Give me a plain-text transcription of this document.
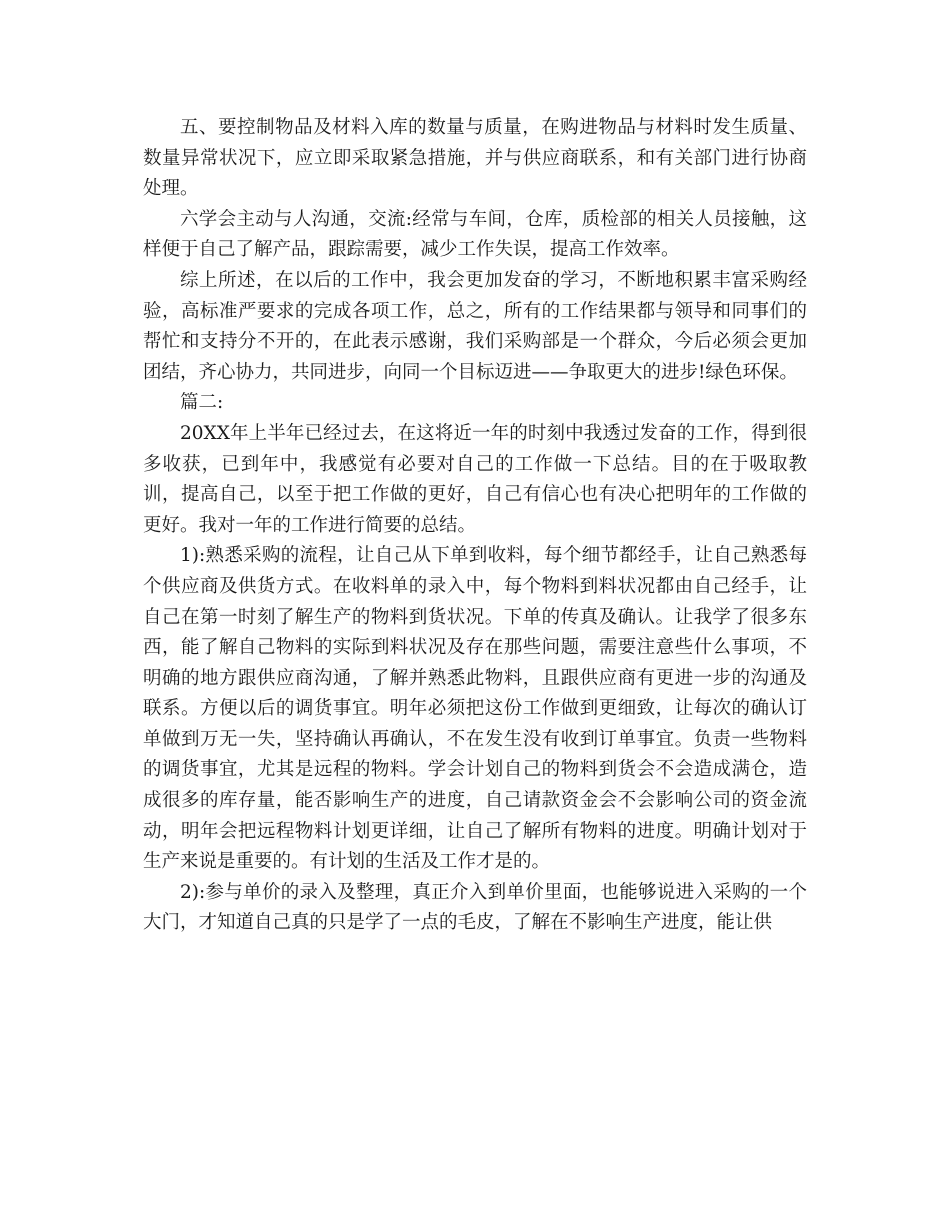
五、要控制物品及材料入库的数量与质量，在购进物品与材料时发生质量、数量异常状况下，应立即采取紧急措施，并与供应商联系，和有关部门进行协商处理。

六学会主动与人沟通，交流:经常与车间，仓库，质检部的相关人员接触，这样便于自己了解产品，跟踪需要，减少工作失误，提高工作效率。

综上所述，在以后的工作中，我会更加发奋的学习，不断地积累丰富采购经验，高标准严要求的完成各项工作，总之，所有的工作结果都与领导和同事们的帮忙和支持分不开的，在此表示感谢，我们采购部是一个群众，今后必须会更加团结，齐心协力，共同进步，向同一个目标迈进——争取更大的进步!绿色环保。

篇二:

20XX年上半年已经过去，在这将近一年的时刻中我透过发奋的工作，得到很多收获，已到年中，我感觉有必要对自己的工作做一下总结。目的在于吸取教训，提高自己，以至于把工作做的更好，自己有信心也有决心把明年的工作做的更好。我对一年的工作进行简要的总结。

1):熟悉采购的流程，让自己从下单到收料，每个细节都经手，让自己熟悉每个供应商及供货方式。在收料单的录入中，每个物料到料状况都由自己经手，让自己在第一时刻了解生产的物料到货状况。下单的传真及确认。让我学了很多东西，能了解自己物料的实际到料状况及存在那些问题，需要注意些什么事项，不明确的地方跟供应商沟通，了解并熟悉此物料，且跟供应商有更进一步的沟通及联系。方便以后的调货事宜。明年必须把这份工作做到更细致，让每次的确认订单做到万无一失，坚持确认再确认，不在发生没有收到订单事宜。负责一些物料的调货事宜，尤其是远程的物料。学会计划自己的物料到货会不会造成满仓，造成很多的库存量，能否影响生产的进度，自己请款资金会不会影响公司的资金流动，明年会把远程物料计划更详细，让自己了解所有物料的进度。明确计划对于生产来说是重要的。有计划的生活及工作才是的。

2):参与单价的录入及整理，真正介入到单价里面，也能够说进入采购的一个大门，才知道自己真的只是学了一点的毛皮，了解在不影响生产进度，能让供
